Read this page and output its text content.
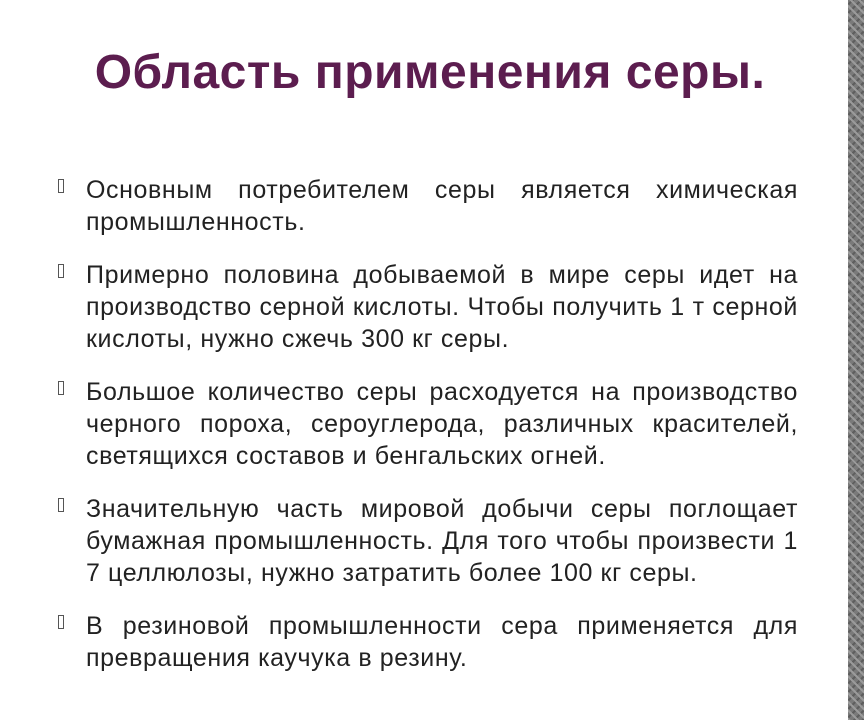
Область применения серы.
Основным потребителем серы является химическая промышленность.
Примерно половина добываемой в мире серы идет на производство серной кислоты. Чтобы получить 1 т серной кислоты, нужно сжечь 300 кг серы.
Большое количество серы расходуется на производство черного пороха, сероуглерода, различных красителей, светящихся составов и бенгальских огней.
Значительную часть мировой добычи серы поглощает бумажная промышленность. Для того чтобы произвести 1 7 целлюлозы, нужно затратить более 100 кг серы.
В резиновой промышленности сера применяется для превращения каучука в резину.
